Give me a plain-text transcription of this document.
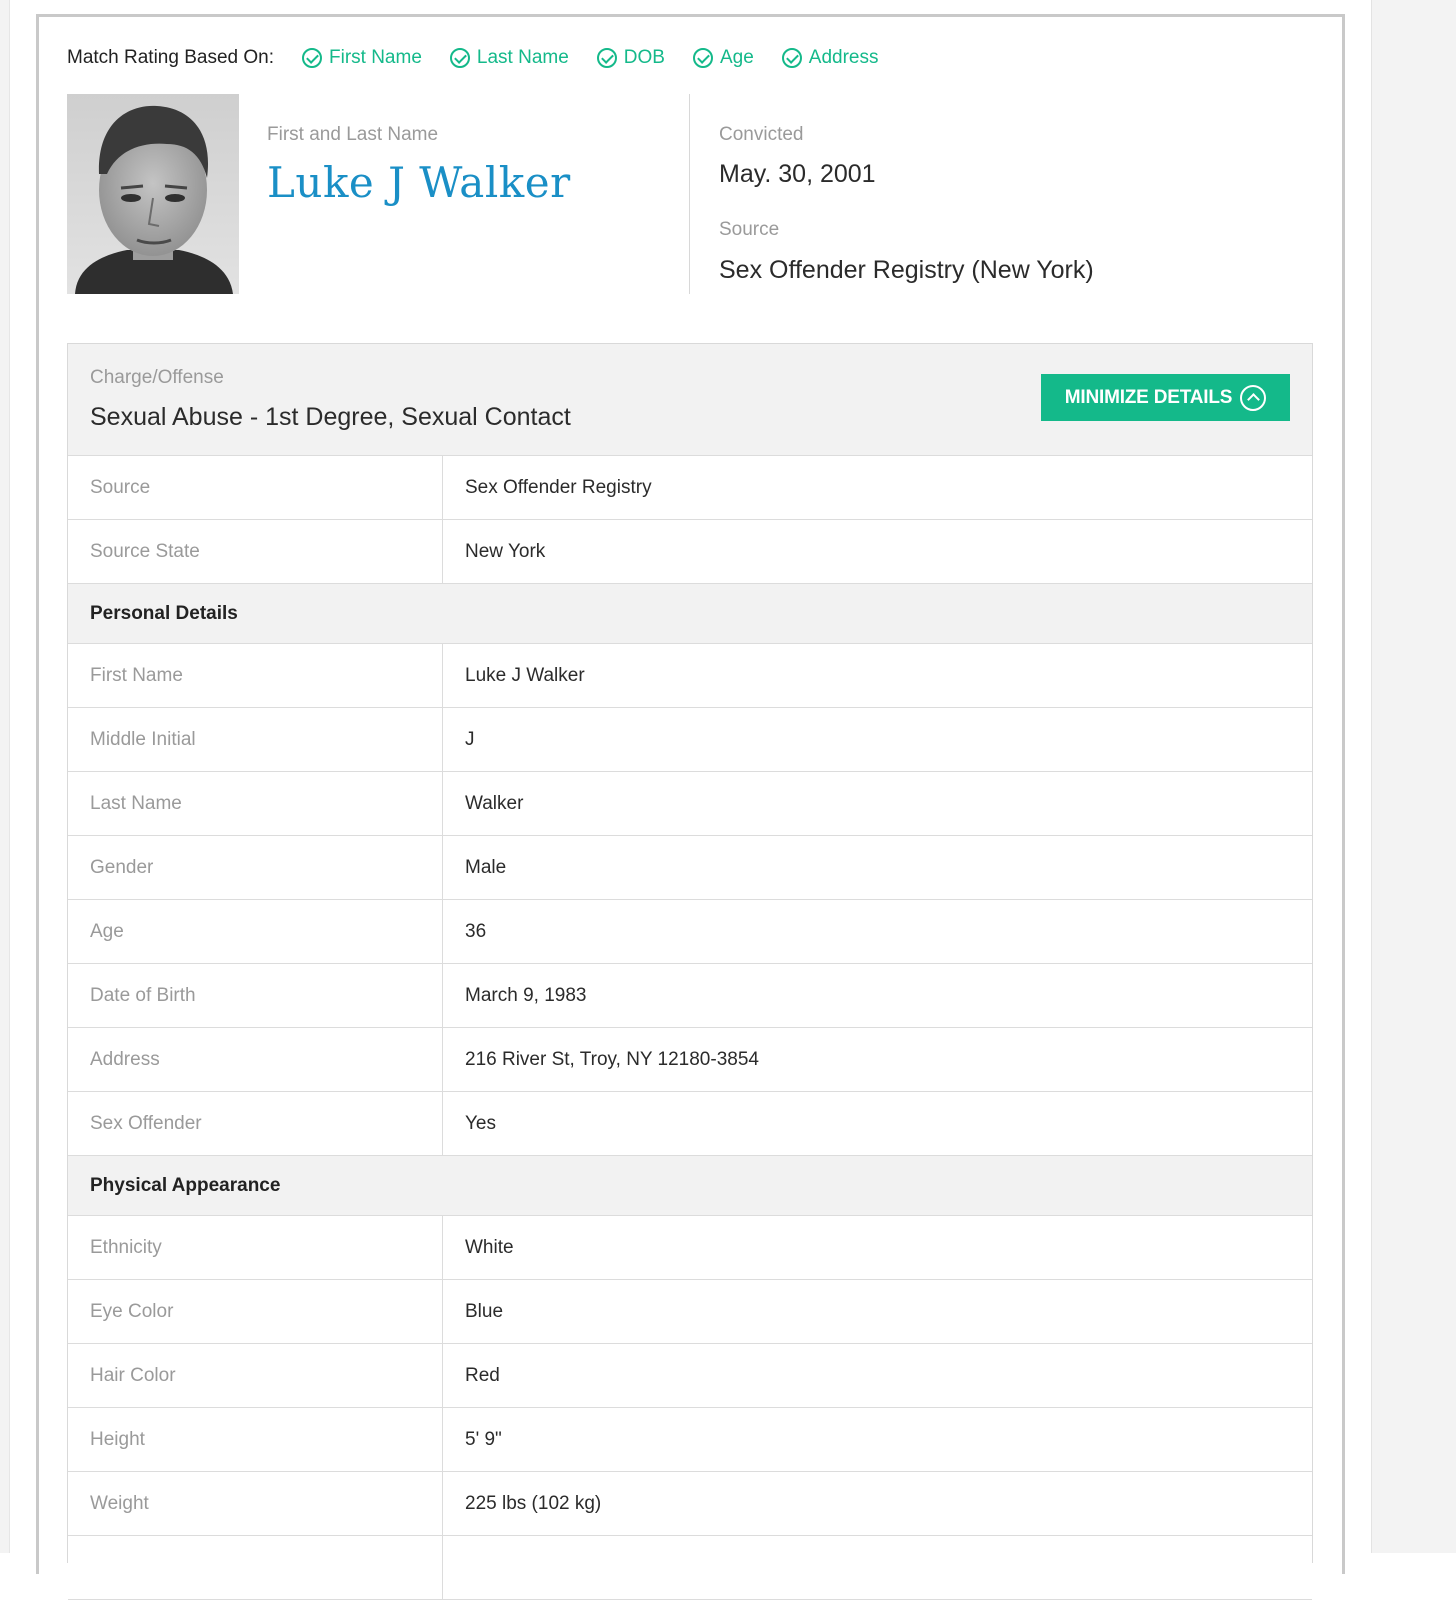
Match Rating Based On:	First Name	Last Name	DOB	Age	Address
First and Last Name
Luke J Walker
Convicted
May. 30, 2001
Source
Sex Offender Registry (New York)
Charge/Offense
Sexual Abuse - 1st Degree, Sexual Contact
MINIMIZE DETAILS
Source	Sex Offender Registry
Source State	New York
Personal Details
First Name	Luke J Walker
Middle Initial	J
Last Name	Walker
Gender	Male
Age	36
Date of Birth	March 9, 1983
Address	216 River St, Troy, NY 12180-3854
Sex Offender	Yes
Physical Appearance
Ethnicity	White
Eye Color	Blue
Hair Color	Red
Height	5' 9"
Weight	225 lbs (102 kg)
